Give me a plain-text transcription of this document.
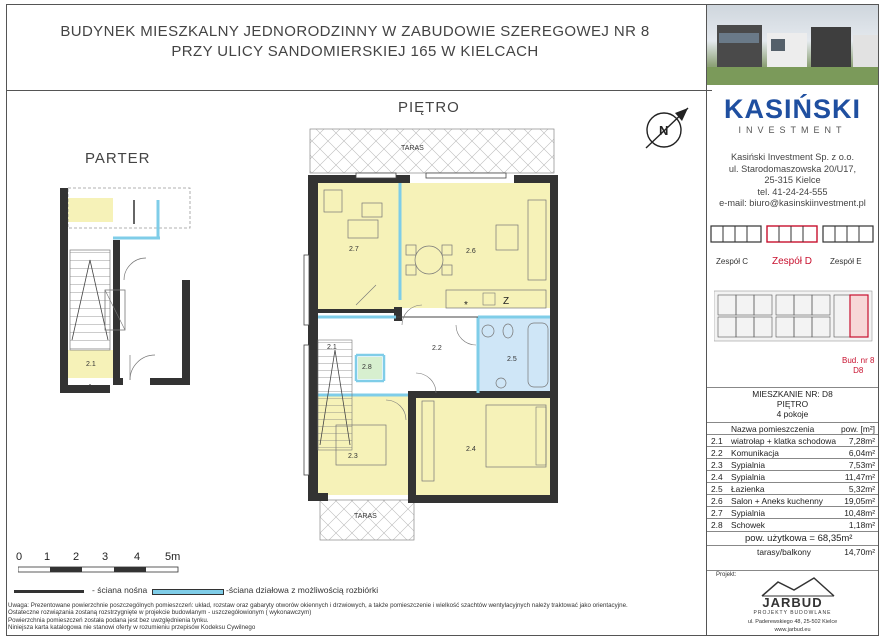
BUDYNEK MIESZKALNY JEDNORODZINNY W ZABUDOWIE SZEREGOWEJ NR 8
PRZY ULICY SANDOMIERSKIEJ 165 W KIELCACH
PARTER
PIĘTRO
N
2.1
TARAS
TARAS
2.7	2.6
2.1	2.2
2.5
2.8
2.3
2.4
Z
*
KASIŃSKI
INVESTMENT
Kasiński Investment Sp. z o.o.
ul. Starodomaszowska 20/U17,
25-315 Kielce
tel. 41-24-24-555
e-mail: biuro@kasinskiinvestment.pl
Zespół C Zespół D Zespół E
Bud. nr 8
D8
MIESZKANIE NR: D8
PIĘTRO
4 pokoje
Nazwa pomieszczenia	pow. [m²]
2.1 wiatrołap + klatka schodowa 7,28m²
2.2 Komunikacja	6,04m²
2.3 Sypialnia	7,53m²
2.4 Sypialnia	11,47m²
2.5 Łazienka	5,32m²
2.6 Salon + Aneks kuchenny	19,05m²
2.7 Sypialnia	10,48m²
2.8 Schowek	1,18m²
pow. użytkowa = 68,35m²
tarasy/balkony	14,70m²
0 1 2 3 4 5m
- ściana nośna	-ściana działowa z możliwością rozbiórki
Uwaga: Prezentowane powierzchnie poszczególnych pomieszczeń: układ, rozstaw oraz gabaryty otworów okiennych i drzwiowych, a także pomieszczenie i wielkość szachtów wentylacyjnych należy traktować jako orientacyjne.
Ostateczne rozwiązania zostaną rozstrzygnięte w projekcie budowlanym - uszczegółowionym ( wykonawczym)
Powierzchnia pomieszczeń została podana jest bez uwzględnienia tynku.
Niniejsza karta katalogowa nie stanowi oferty w rozumieniu przepisów Kodeksu Cywilnego
Projekt:
JARBUD
PROJEKTY BUDOWLANE
ul. Paderewskiego 48, 25-502 Kielce
www.jarbud.eu
